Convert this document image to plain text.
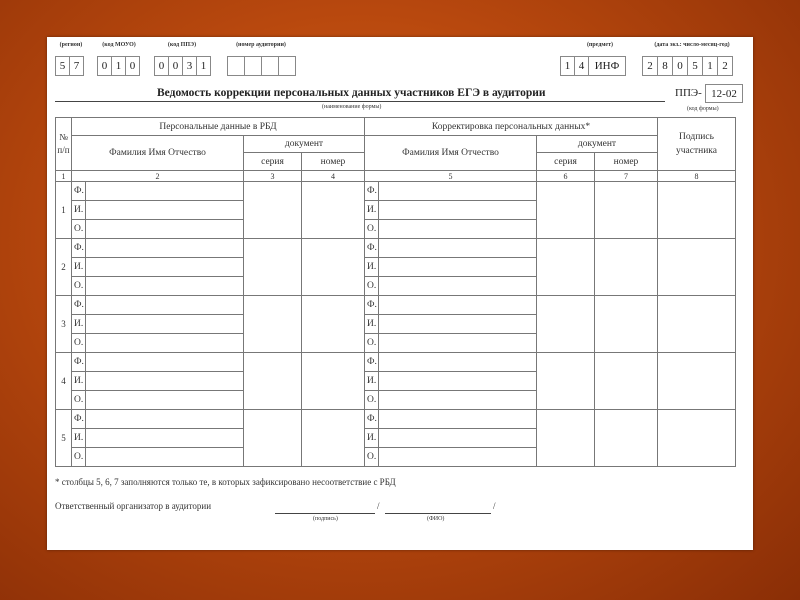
(регион)	(код МОУО)	(код ППЭ)	(номер аудитории)	(предмет)	(дата экз.: число-месяц-год)
5 7	0 1 0	0 0 3 1	1 4 ИНФ	2 8 0 5 1 2
Ведомость коррекции персональных данных участников ЕГЭ в аудитории
(наименование формы)
ППЭ- 12-02
(код формы)
№ п/п	Персональные данные в РБД				Корректировка персональных данных*				Подпись участника
	Фамилия Имя Отчество		документ		Фамилия Имя Отчество		документ		
			серия	номер			серия	номер	
1	2		3	4	5		6	7	8
1	Ф.				Ф.				
	И.				И.				
	О.				О.				
2	Ф.				Ф.				
	И.				И.				
	О.				О.				
3	Ф.				Ф.				
	И.				И.				
	О.				О.				
4	Ф.				Ф.				
	И.				И.				
	О.				О.				
5	Ф.				Ф.				
	И.				И.				
	О.				О.				
* столбцы 5, 6, 7 заполняются только те, в которых зафиксировано несоответствие с РБД
Ответственный организатор в аудитории	/	/
(подпись)	(ФИО)
